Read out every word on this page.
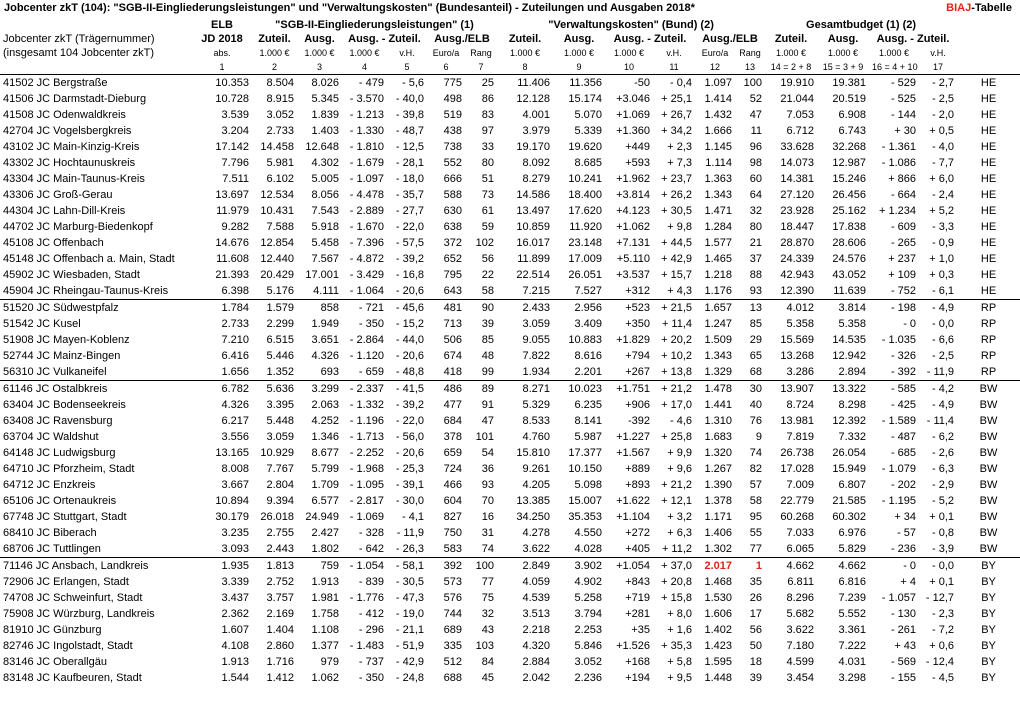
Jobcenter zkT (104): "SGB-II-Eingliederungsleistungen" und "Verwaltungskosten" (Bundesanteil) - Zuteilungen und Ausgaben 2018*	BIAJ-Tabelle
	ELB	"SGB-II-Eingliederungsleistungen" (1)						"Verwaltungskosten" (Bund) (2)						Gesamtbudget (1) (2)				
Jobcenter zkT (Trägernummer)	JD 2018	Zuteil.	Ausg.	Ausg. - Zuteil.		Ausg./ELB		Zuteil.	Ausg.	Ausg. - Zuteil.		Ausg./ELB		Zuteil.	Ausg.	Ausg. - Zuteil.		
(insgesamt 104 Jobcenter zkT)	abs.	1.000 €	1.000 €	1.000 €	v.H.	Euro/a	Rang	1.000 €	1.000 €	1.000 €	v.H.	Euro/a	Rang	1.000 €	1.000 €	1.000 €	v.H.	
	1	2	3	4	5	6	7	8	9	10	11	12	13	14 = 2 + 8	15 = 3 + 9	16 = 4 + 10	17	
41502 JC Bergstraße	10.353	8.504	8.026	- 479	- 5,6	775	25	11.406	11.356	-50	- 0,4	1.097	100	19.910	19.381	- 529	- 2,7	HE
41506 JC Darmstadt-Dieburg	10.728	8.915	5.345	- 3.570	- 40,0	498	86	12.128	15.174	+3.046	+ 25,1	1.414	52	21.044	20.519	- 525	- 2,5	HE
41508 JC Odenwaldkreis	3.539	3.052	1.839	- 1.213	- 39,8	519	83	4.001	5.070	+1.069	+ 26,7	1.432	47	7.053	6.908	- 144	- 2,0	HE
42704 JC Vogelsbergkreis	3.204	2.733	1.403	- 1.330	- 48,7	438	97	3.979	5.339	+1.360	+ 34,2	1.666	11	6.712	6.743	+ 30	+ 0,5	HE
43102 JC Main-Kinzig-Kreis	17.142	14.458	12.648	- 1.810	- 12,5	738	33	19.170	19.620	+449	+ 2,3	1.145	96	33.628	32.268	- 1.361	- 4,0	HE
43302 JC Hochtaunuskreis	7.796	5.981	4.302	- 1.679	- 28,1	552	80	8.092	8.685	+593	+ 7,3	1.114	98	14.073	12.987	- 1.086	- 7,7	HE
43304 JC Main-Taunus-Kreis	7.511	6.102	5.005	- 1.097	- 18,0	666	51	8.279	10.241	+1.962	+ 23,7	1.363	60	14.381	15.246	+ 866	+ 6,0	HE
43306 JC Groß-Gerau	13.697	12.534	8.056	- 4.478	- 35,7	588	73	14.586	18.400	+3.814	+ 26,2	1.343	64	27.120	26.456	- 664	- 2,4	HE
44304 JC Lahn-Dill-Kreis	11.979	10.431	7.543	- 2.889	- 27,7	630	61	13.497	17.620	+4.123	+ 30,5	1.471	32	23.928	25.162	+ 1.234	+ 5,2	HE
44702 JC Marburg-Biedenkopf	9.282	7.588	5.918	- 1.670	- 22,0	638	59	10.859	11.920	+1.062	+ 9,8	1.284	80	18.447	17.838	- 609	- 3,3	HE
45108 JC Offenbach	14.676	12.854	5.458	- 7.396	- 57,5	372	102	16.017	23.148	+7.131	+ 44,5	1.577	21	28.870	28.606	- 265	- 0,9	HE
45148 JC Offenbach a. Main, Stadt	11.608	12.440	7.567	- 4.872	- 39,2	652	56	11.899	17.009	+5.110	+ 42,9	1.465	37	24.339	24.576	+ 237	+ 1,0	HE
45902 JC Wiesbaden, Stadt	21.393	20.429	17.001	- 3.429	- 16,8	795	22	22.514	26.051	+3.537	+ 15,7	1.218	88	42.943	43.052	+ 109	+ 0,3	HE
45904 JC Rheingau-Taunus-Kreis	6.398	5.176	4.111	- 1.064	- 20,6	643	58	7.215	7.527	+312	+ 4,3	1.176	93	12.390	11.639	- 752	- 6,1	HE
51520 JC Südwestpfalz	1.784	1.579	858	- 721	- 45,6	481	90	2.433	2.956	+523	+ 21,5	1.657	13	4.012	3.814	- 198	- 4,9	RP
51542 JC Kusel	2.733	2.299	1.949	- 350	- 15,2	713	39	3.059	3.409	+350	+ 11,4	1.247	85	5.358	5.358	- 0	- 0,0	RP
51908 JC Mayen-Koblenz	7.210	6.515	3.651	- 2.864	- 44,0	506	85	9.055	10.883	+1.829	+ 20,2	1.509	29	15.569	14.535	- 1.035	- 6,6	RP
52744 JC Mainz-Bingen	6.416	5.446	4.326	- 1.120	- 20,6	674	48	7.822	8.616	+794	+ 10,2	1.343	65	13.268	12.942	- 326	- 2,5	RP
56310 JC Vulkaneifel	1.656	1.352	693	- 659	- 48,8	418	99	1.934	2.201	+267	+ 13,8	1.329	68	3.286	2.894	- 392	- 11,9	RP
61146 JC Ostalbkreis	6.782	5.636	3.299	- 2.337	- 41,5	486	89	8.271	10.023	+1.751	+ 21,2	1.478	30	13.907	13.322	- 585	- 4,2	BW
63404 JC Bodenseekreis	4.326	3.395	2.063	- 1.332	- 39,2	477	91	5.329	6.235	+906	+ 17,0	1.441	40	8.724	8.298	- 425	- 4,9	BW
63408 JC Ravensburg	6.217	5.448	4.252	- 1.196	- 22,0	684	47	8.533	8.141	-392	- 4,6	1.310	76	13.981	12.392	- 1.589	- 11,4	BW
63704 JC Waldshut	3.556	3.059	1.346	- 1.713	- 56,0	378	101	4.760	5.987	+1.227	+ 25,8	1.683	9	7.819	7.332	- 487	- 6,2	BW
64148 JC Ludwigsburg	13.165	10.929	8.677	- 2.252	- 20,6	659	54	15.810	17.377	+1.567	+ 9,9	1.320	74	26.738	26.054	- 685	- 2,6	BW
64710 JC Pforzheim, Stadt	8.008	7.767	5.799	- 1.968	- 25,3	724	36	9.261	10.150	+889	+ 9,6	1.267	82	17.028	15.949	- 1.079	- 6,3	BW
64712 JC Enzkreis	3.667	2.804	1.709	- 1.095	- 39,1	466	93	4.205	5.098	+893	+ 21,2	1.390	57	7.009	6.807	- 202	- 2,9	BW
65106 JC Ortenaukreis	10.894	9.394	6.577	- 2.817	- 30,0	604	70	13.385	15.007	+1.622	+ 12,1	1.378	58	22.779	21.585	- 1.195	- 5,2	BW
67748 JC Stuttgart, Stadt	30.179	26.018	24.949	- 1.069	- 4,1	827	16	34.250	35.353	+1.104	+ 3,2	1.171	95	60.268	60.302	+ 34	+ 0,1	BW
68410 JC Biberach	3.235	2.755	2.427	- 328	- 11,9	750	31	4.278	4.550	+272	+ 6,3	1.406	55	7.033	6.976	- 57	- 0,8	BW
68706 JC Tuttlingen	3.093	2.443	1.802	- 642	- 26,3	583	74	3.622	4.028	+405	+ 11,2	1.302	77	6.065	5.829	- 236	- 3,9	BW
71146 JC Ansbach, Landkreis	1.935	1.813	759	- 1.054	- 58,1	392	100	2.849	3.902	+1.054	+ 37,0	2.017	1	4.662	4.662	- 0	- 0,0	BY
72906 JC Erlangen, Stadt	3.339	2.752	1.913	- 839	- 30,5	573	77	4.059	4.902	+843	+ 20,8	1.468	35	6.811	6.816	+ 4	+ 0,1	BY
74708 JC Schweinfurt, Stadt	3.437	3.757	1.981	- 1.776	- 47,3	576	75	4.539	5.258	+719	+ 15,8	1.530	26	8.296	7.239	- 1.057	- 12,7	BY
75908 JC Würzburg, Landkreis	2.362	2.169	1.758	- 412	- 19,0	744	32	3.513	3.794	+281	+ 8,0	1.606	17	5.682	5.552	- 130	- 2,3	BY
81910 JC Günzburg	1.607	1.404	1.108	- 296	- 21,1	689	43	2.218	2.253	+35	+ 1,6	1.402	56	3.622	3.361	- 261	- 7,2	BY
82746 JC Ingolstadt, Stadt	4.108	2.860	1.377	- 1.483	- 51,9	335	103	4.320	5.846	+1.526	+ 35,3	1.423	50	7.180	7.222	+ 43	+ 0,6	BY
83146 JC Oberallgäu	1.913	1.716	979	- 737	- 42,9	512	84	2.884	3.052	+168	+ 5,8	1.595	18	4.599	4.031	- 569	- 12,4	BY
83148 JC Kaufbeuren, Stadt	1.544	1.412	1.062	- 350	- 24,8	688	45	2.042	2.236	+194	+ 9,5	1.448	39	3.454	3.298	- 155	- 4,5	BY
